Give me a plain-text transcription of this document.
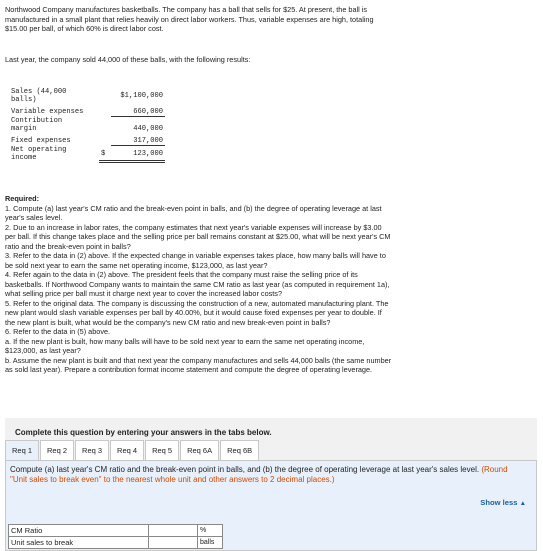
Northwood Company manufactures basketballs. The company has a ball that sells for $25. At present, the ball is
manufactured in a small plant that relies heavily on direct labor workers. Thus, variable expenses are high, totaling
$15.00 per ball, of which 60% is direct labor cost.
Last year, the company sold 44,000 of these balls, with the following results:
Sales (44,000
balls)		$1,100,000
Variable expenses		660,000
Contribution
margin		440,000
Fixed expenses		317,000
Net operating
income	$	123,000
Required:
1. Compute (a) last year's CM ratio and the break-even point in balls, and (b) the degree of operating leverage at last
year's sales level.
2. Due to an increase in labor rates, the company estimates that next year's variable expenses will increase by $3.00
per ball. If this change takes place and the selling price per ball remains constant at $25.00, what will be next year's CM
ratio and the break-even point in balls?
3. Refer to the data in (2) above. If the expected change in variable expenses takes place, how many balls will have to
be sold next year to earn the same net operating income, $123,000, as last year?
4. Refer again to the data in (2) above. The president feels that the company must raise the selling price of its
basketballs. If Northwood Company wants to maintain the same CM ratio as last year (as computed in requirement 1a),
what selling price per ball must it charge next year to cover the increased labor costs?
5. Refer to the original data. The company is discussing the construction of a new, automated manufacturing plant. The
new plant would slash variable expenses per ball by 40.00%, but it would cause fixed expenses per year to double. If
the new plant is built, what would be the company's new CM ratio and new break-even point in balls?
6. Refer to the data in (5) above.
a. If the new plant is built, how many balls will have to be sold next year to earn the same net operating income,
$123,000, as last year?
b. Assume the new plant is built and that next year the company manufactures and sells 44,000 balls (the same number
as sold last year). Prepare a contribution format income statement and compute the degree of operating leverage.
Complete this question by entering your answers in the tabs below.
Req 1	Req 2	Req 3	Req 4	Req 5	Req 6A	Req 6B
Compute (a) last year's CM ratio and the break-even point in balls, and (b) the degree of operating leverage at last year's sales level. (Round "Unit sales to break even" to the nearest whole unit and other answers to 2 decimal places.)
Show less ▲
CM Ratio		%
Unit sales to break		balls
